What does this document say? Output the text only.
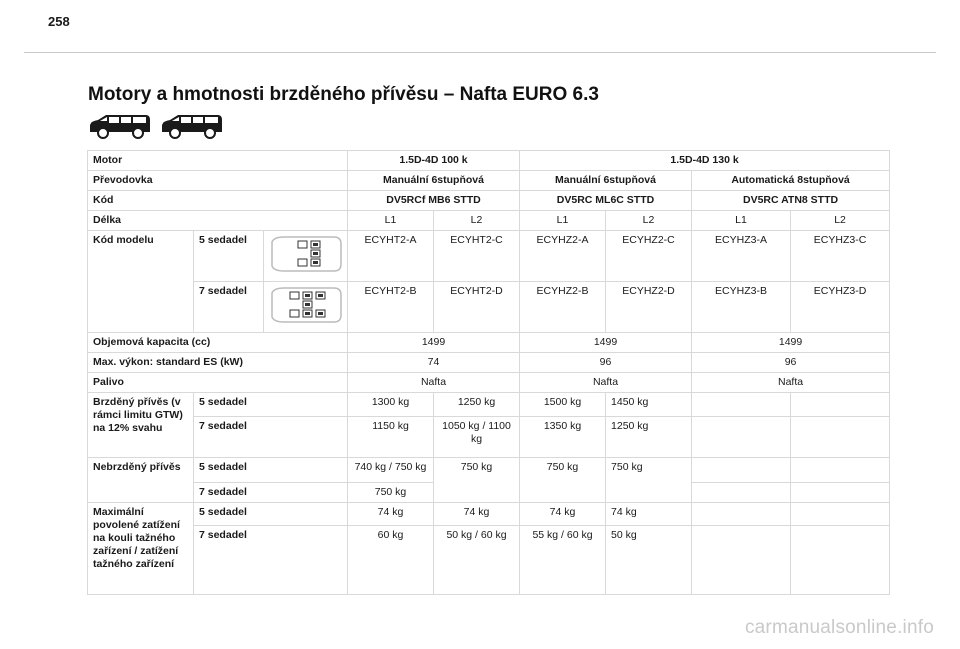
258
Motory a hmotnosti brzděného přívěsu – Nafta EURO 6.3
Motor			1.5D-4D 100 k		1.5D-4D 130 k			
Převodovka			Manuální 6stupňová		Manuální 6stupňová		Automatická 8stupňová	
Kód			DV5RCf MB6 STTD		DV5RC ML6C STTD		DV5RC ATN8 STTD	
Délka			L1	L2	L1	L2	L1	L2
Kód modelu	5 sedadel		ECYHT2-A	ECYHT2-C	ECYHZ2-A	ECYHZ2-C	ECYHZ3-A	ECYHZ3-C
	7 sedadel		ECYHT2-B	ECYHT2-D	ECYHZ2-B	ECYHZ2-D	ECYHZ3-B	ECYHZ3-D
Objemová kapacita (cc)			1499		1499		1499	
Max. výkon: standard ES (kW)			74		96		96	
Palivo			Nafta		Nafta		Nafta	
Brzděný přívěs (v rámci limitu GTW) na 12% svahu	5 sedadel		1300 kg	1250 kg	1500 kg	1450 kg		
	7 sedadel		1150 kg	1050 kg / 1100 kg	1350 kg	1250 kg		
Nebrzděný přívěs	5 sedadel		740 kg / 750 kg	750 kg	750 kg	750 kg		
	7 sedadel		750 kg					
Maximální povolené zatížení na kouli tažného zařízení / zatížení tažného zařízení	5 sedadel		74 kg	74 kg	74 kg	74 kg		
	7 sedadel		60 kg	50 kg / 60 kg	55 kg / 60 kg	50 kg		
carmanualsonline.info
